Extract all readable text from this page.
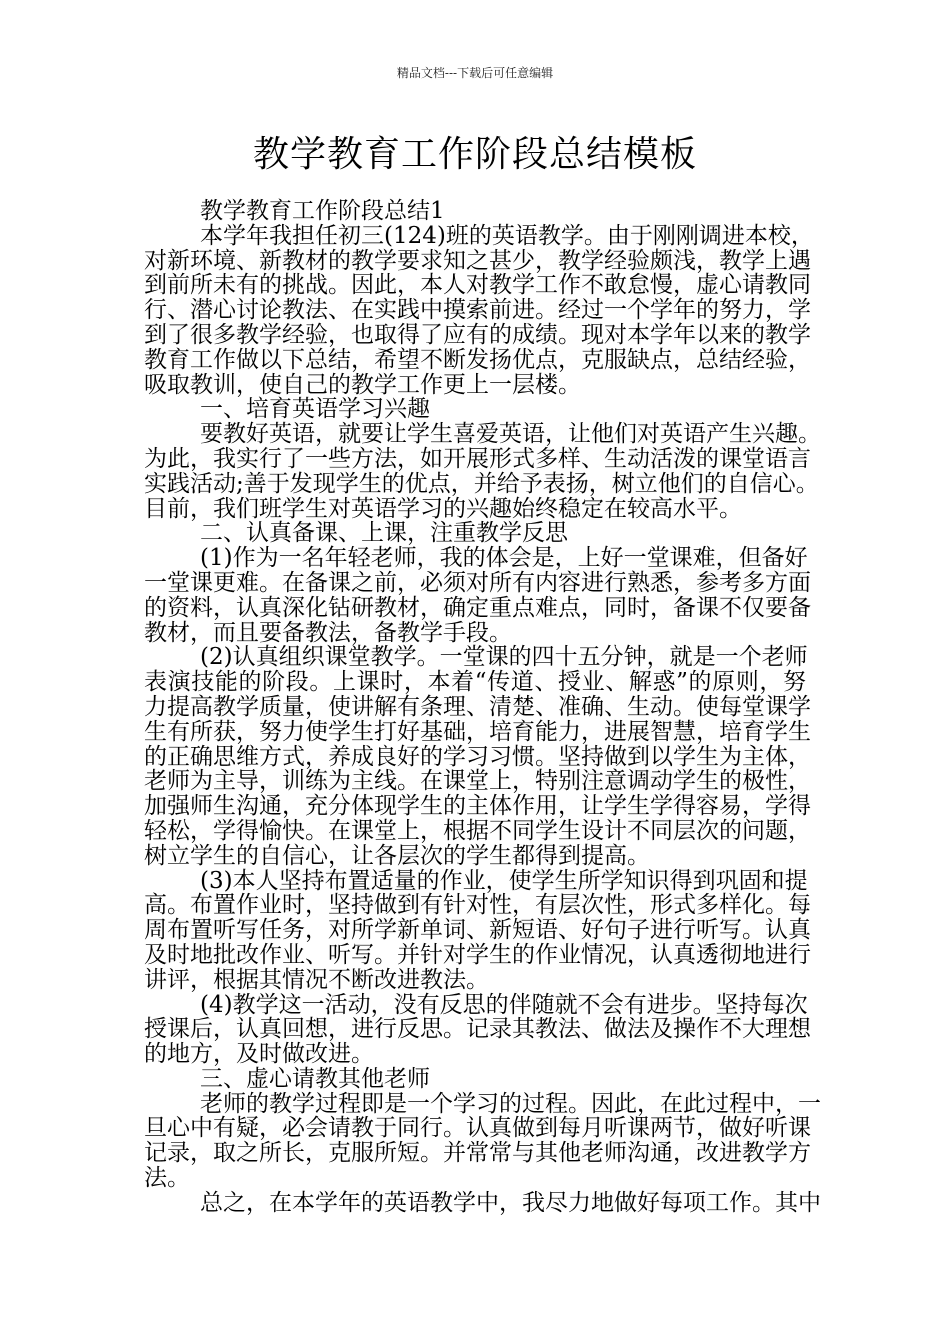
精品文档---下载后可任意编辑
教学教育工作阶段总结模板
教学教育工作阶段总结1
本学年我担任初三(124)班的英语教学。由于刚刚调进本校，
对新环境、新教材的教学要求知之甚少，教学经验颇浅，教学上遇
到前所未有的挑战。因此，本人对教学工作不敢怠慢，虚心请教同
行、潜心讨论教法、在实践中摸索前进。经过一个学年的努力，学
到了很多教学经验，也取得了应有的成绩。现对本学年以来的教学
教育工作做以下总结，希望不断发扬优点，克服缺点，总结经验，
吸取教训，使自己的教学工作更上一层楼。
一、培育英语学习兴趣
要教好英语，就要让学生喜爱英语，让他们对英语产生兴趣。
为此，我实行了一些方法，如开展形式多样、生动活泼的课堂语言
实践活动;善于发现学生的优点，并给予表扬，树立他们的自信心。
目前，我们班学生对英语学习的兴趣始终稳定在较高水平。
二、认真备课、上课，注重教学反思
(1)作为一名年轻老师，我的体会是，上好一堂课难，但备好
一堂课更难。在备课之前，必须对所有内容进行熟悉，参考多方面
的资料，认真深化钻研教材，确定重点难点，同时，备课不仅要备
教材，而且要备教法，备教学手段。
(2)认真组织课堂教学。一堂课的四十五分钟，就是一个老师
表演技能的阶段。上课时，本着“传道、授业、解惑”的原则，努
力提高教学质量，使讲解有条理、清楚、准确、生动。使每堂课学
生有所获，努力使学生打好基础，培育能力，进展智慧，培育学生
的正确思维方式，养成良好的学习习惯。坚持做到以学生为主体，
老师为主导，训练为主线。在课堂上，特别注意调动学生的极性，
加强师生沟通，充分体现学生的主体作用，让学生学得容易，学得
轻松，学得愉快。在课堂上，根据不同学生设计不同层次的问题，
树立学生的自信心，让各层次的学生都得到提高。
(3)本人坚持布置适量的作业，使学生所学知识得到巩固和提
高。布置作业时，坚持做到有针对性，有层次性，形式多样化。每
周布置听写任务，对所学新单词、新短语、好句子进行听写。认真
及时地批改作业、听写。并针对学生的作业情况，认真透彻地进行
讲评，根据其情况不断改进教法。
(4)教学这一活动，没有反思的伴随就不会有进步。坚持每次
授课后，认真回想，进行反思。记录其教法、做法及操作不大理想
的地方，及时做改进。
三、虚心请教其他老师
老师的教学过程即是一个学习的过程。因此，在此过程中，一
旦心中有疑，必会请教于同行。认真做到每月听课两节，做好听课
记录，取之所长，克服所短。并常常与其他老师沟通，改进教学方
法。
总之，在本学年的英语教学中，我尽力地做好每项工作。其中
